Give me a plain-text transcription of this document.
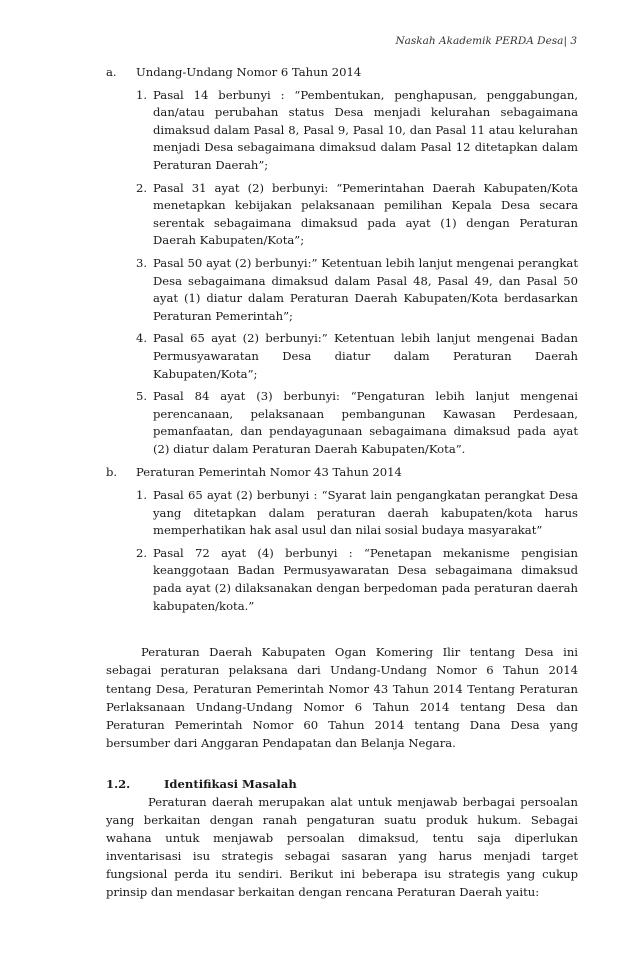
Naskah Akademik PERDA Desa| 3
a.	Undang-Undang Nomor 6 Tahun 2014
1. Pasal 14 berbunyi : “Pembentukan, penghapusan, penggabungan, dan/atau perubahan status Desa menjadi kelurahan sebagaimana dimaksud dalam Pasal 8, Pasal 9, Pasal 10, dan Pasal 11 atau kelurahan menjadi Desa sebagaimana dimaksud dalam Pasal 12 ditetapkan dalam Peraturan Daerah”;
2. Pasal 31 ayat (2) berbunyi: “Pemerintahan Daerah Kabupaten/Kota menetapkan kebijakan pelaksanaan pemilihan Kepala Desa secara serentak sebagaimana dimaksud pada ayat (1) dengan Peraturan Daerah Kabupaten/Kota”;
3. Pasal 50 ayat (2) berbunyi:” Ketentuan lebih lanjut mengenai perangkat Desa sebagaimana dimaksud dalam Pasal 48, Pasal 49, dan Pasal 50 ayat (1) diatur dalam Peraturan Daerah Kabupaten/Kota berdasarkan Peraturan Pemerintah”;
4. Pasal 65 ayat (2) berbunyi:” Ketentuan lebih lanjut mengenai Badan Permusyawaratan Desa diatur dalam Peraturan Daerah Kabupaten/Kota”;
5. Pasal 84 ayat (3) berbunyi: “Pengaturan lebih lanjut mengenai perencanaan, pelaksanaan pembangunan Kawasan Perdesaan, pemanfaatan, dan pendayagunaan sebagaimana dimaksud pada ayat (2) diatur dalam Peraturan Daerah Kabupaten/Kota”.
b.	Peraturan Pemerintah Nomor 43 Tahun 2014
1. Pasal 65 ayat (2) berbunyi : “Syarat lain pengangkatan perangkat Desa yang ditetapkan dalam peraturan daerah kabupaten/kota harus memperhatikan hak asal usul dan nilai sosial budaya masyarakat”
2. Pasal 72 ayat (4) berbunyi : “Penetapan mekanisme pengisian keanggotaan Badan Permusyawaratan Desa sebagaimana dimaksud pada ayat (2) dilaksanakan dengan berpedoman pada peraturan daerah kabupaten/kota.”

Peraturan Daerah Kabupaten Ogan Komering Ilir tentang Desa ini sebagai peraturan pelaksana dari Undang-Undang Nomor 6 Tahun 2014 tentang Desa, Peraturan Pemerintah Nomor 43 Tahun 2014 Tentang Peraturan Perlaksanaan Undang-Undang Nomor 6 Tahun 2014 tentang Desa dan Peraturan Pemerintah Nomor 60 Tahun 2014 tentang Dana Desa yang bersumber dari Anggaran Pendapatan dan Belanja Negara.

1.2.	Identifikasi Masalah

Peraturan daerah merupakan alat untuk menjawab berbagai persoalan yang berkaitan dengan ranah pengaturan suatu produk hukum. Sebagai wahana untuk menjawab persoalan dimaksud, tentu saja diperlukan inventarisasi isu strategis sebagai sasaran yang harus menjadi target fungsional perda itu sendiri. Berikut ini beberapa isu strategis yang cukup prinsip dan mendasar berkaitan dengan rencana Peraturan Daerah yaitu:
